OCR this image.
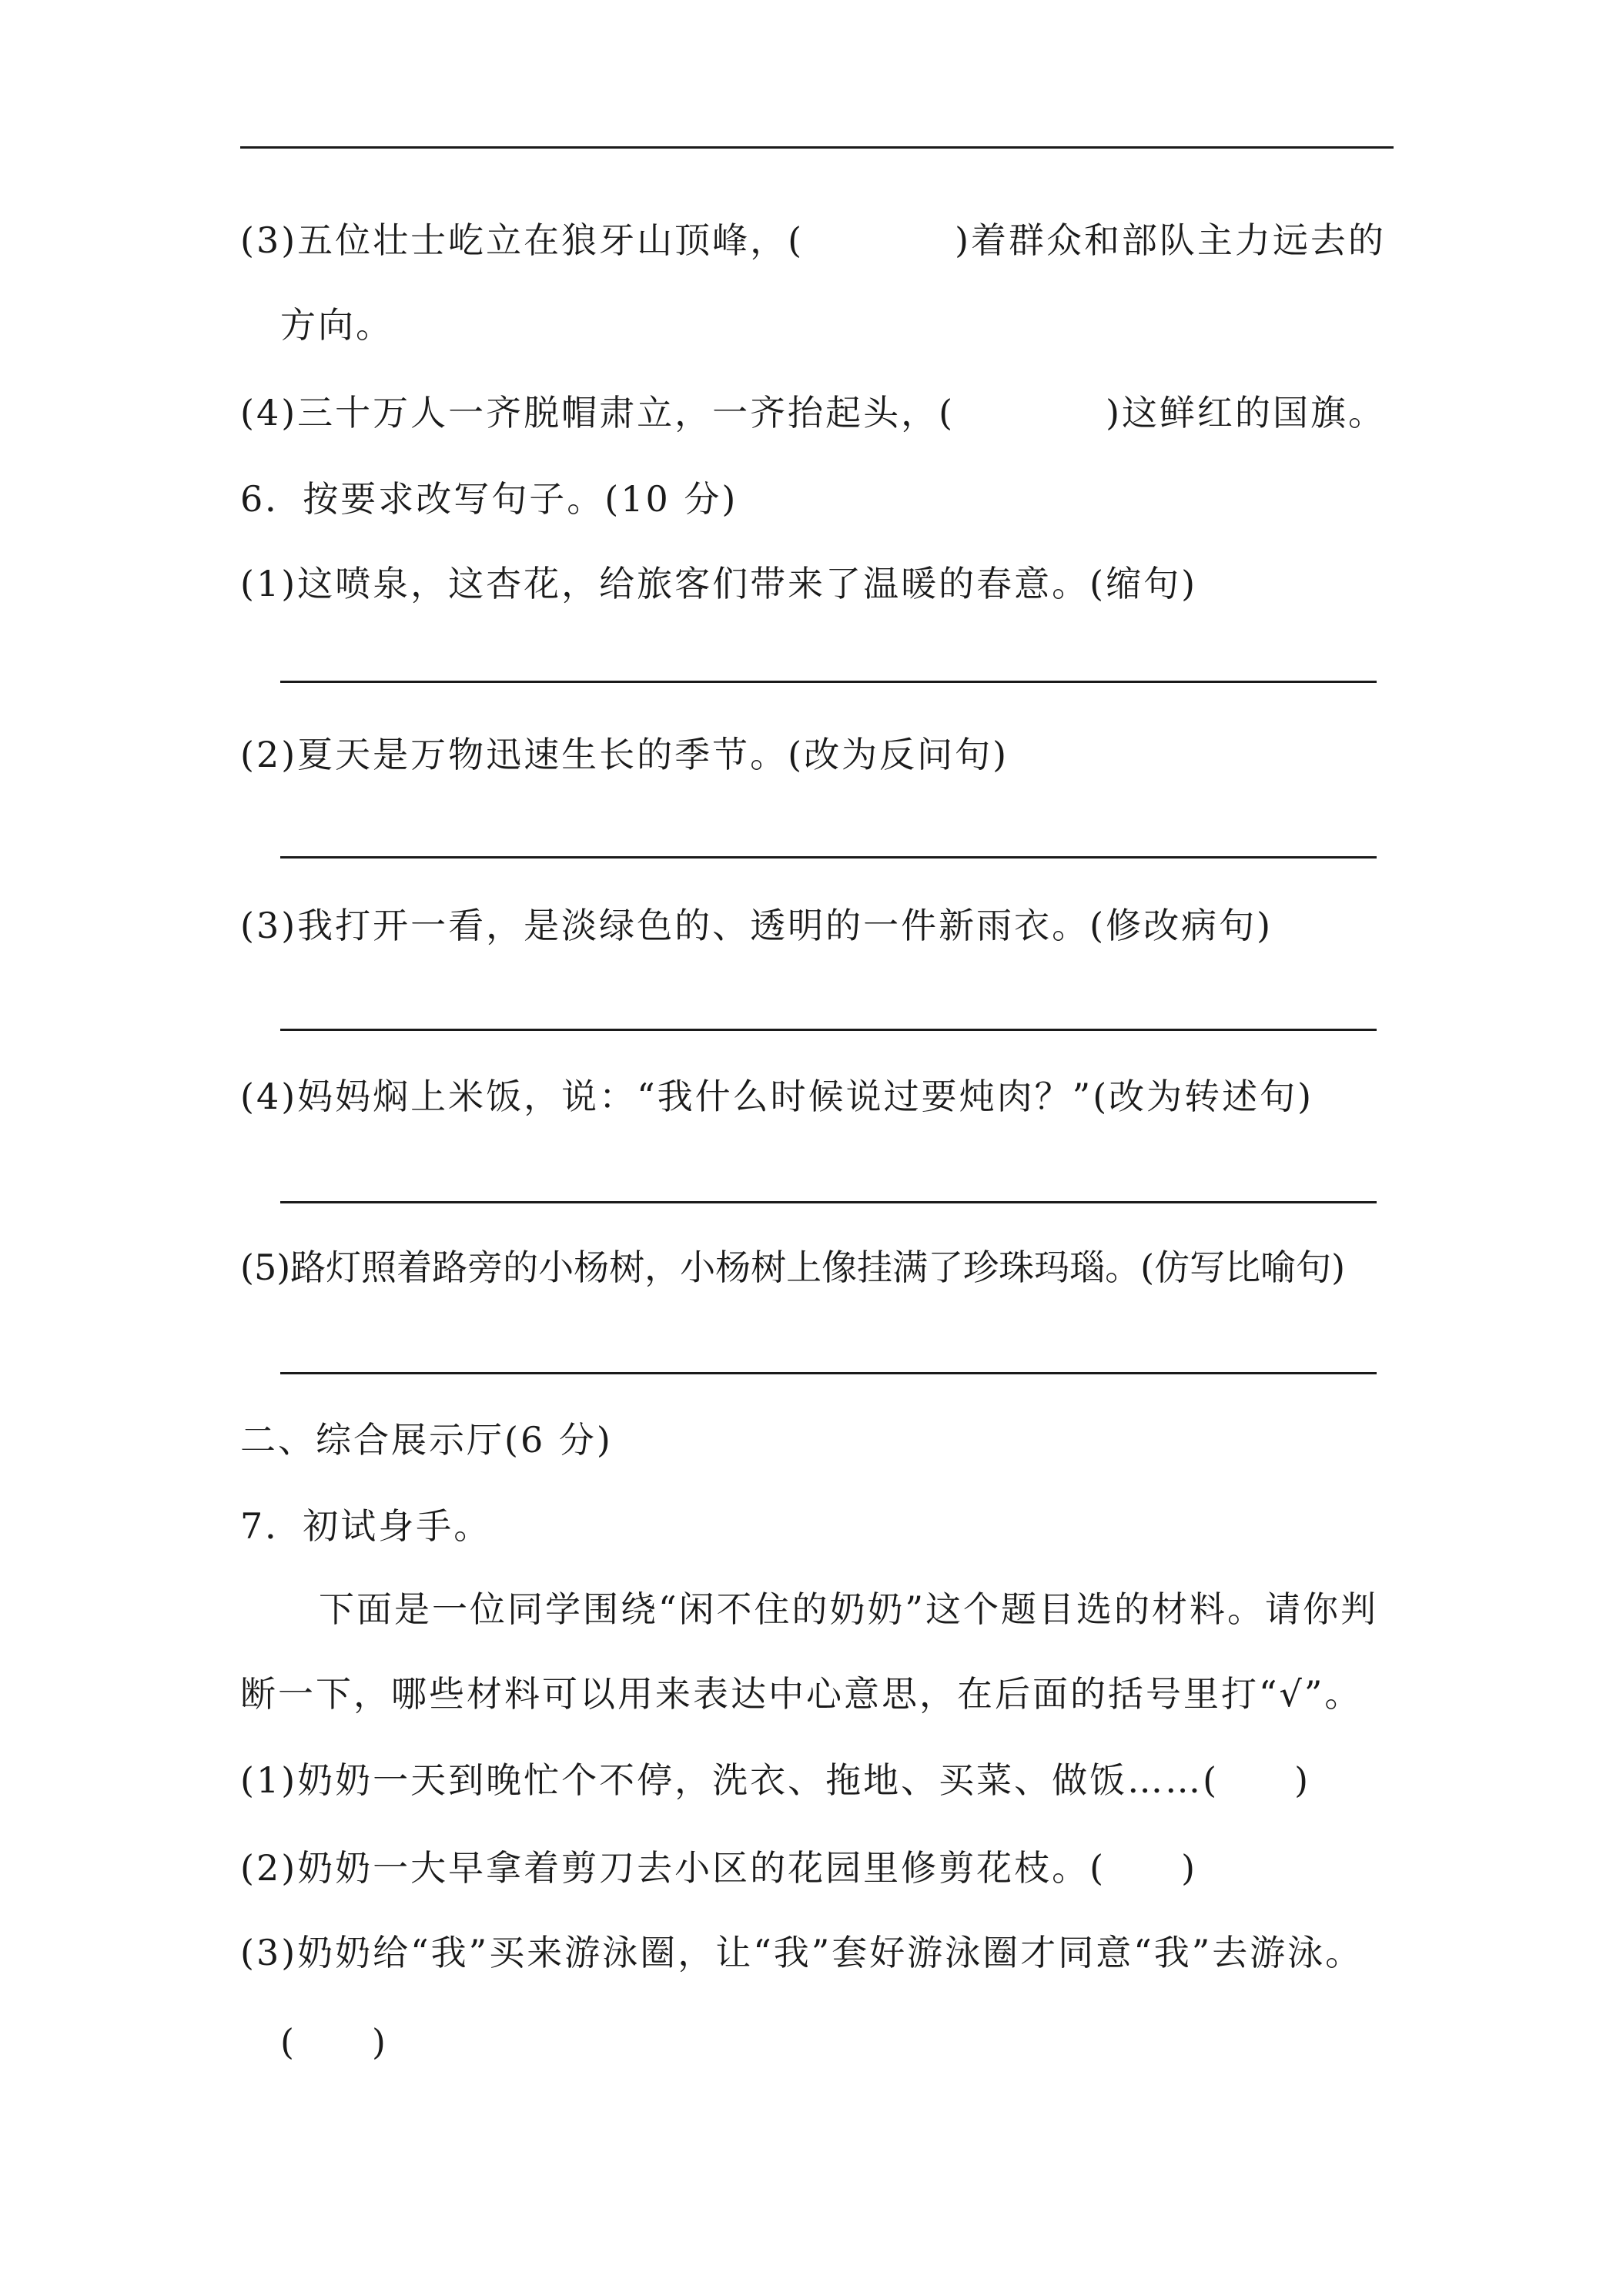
(3)五位壮士屹立在狼牙山顶峰，(　　　　)着群众和部队主力远去的
方向。
(4)三十万人一齐脱帽肃立，一齐抬起头，(　　　　)这鲜红的国旗。
6．按要求改写句子。(10 分)
(1)这喷泉，这杏花，给旅客们带来了温暖的春意。(缩句)
(2)夏天是万物迅速生长的季节。(改为反问句)
(3)我打开一看，是淡绿色的、透明的一件新雨衣。(修改病句)
(4)妈妈焖上米饭，说：“我什么时候说过要炖肉？”(改为转述句)
(5)路灯照着路旁的小杨树，小杨树上像挂满了珍珠玛瑙。(仿写比喻句)
二、综合展示厅(6 分)
7．初试身手。
下面是一位同学围绕“闲不住的奶奶”这个题目选的材料。请你判
断一下，哪些材料可以用来表达中心意思，在后面的括号里打“√”。
(1)奶奶一天到晚忙个不停，洗衣、拖地、买菜、做饭……(　　)
(2)奶奶一大早拿着剪刀去小区的花园里修剪花枝。(　　)
(3)奶奶给“我”买来游泳圈，让“我”套好游泳圈才同意“我”去游泳。
(　　)
